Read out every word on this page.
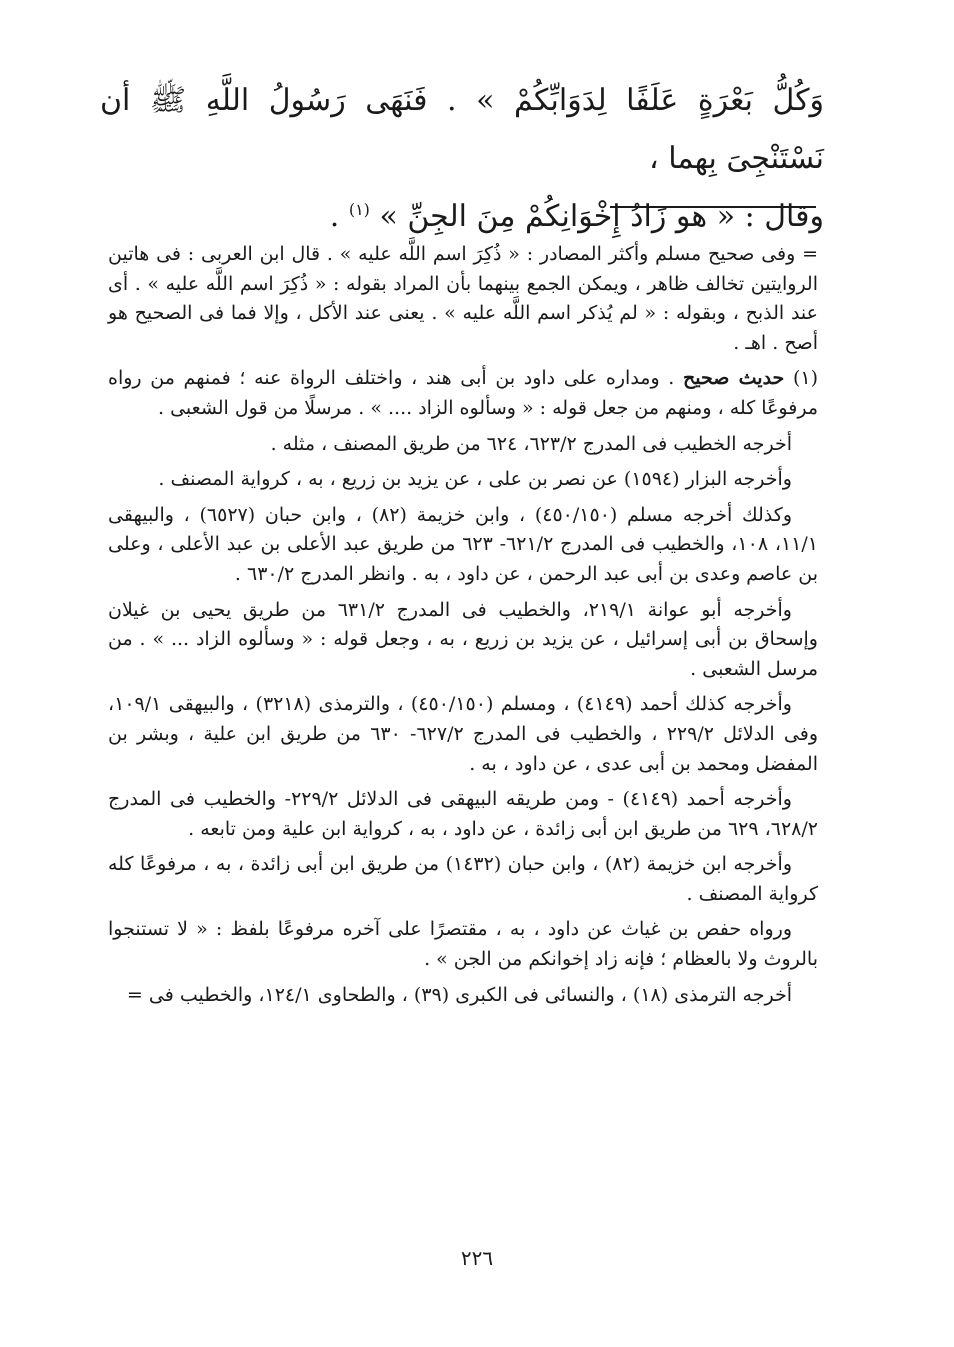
وَكُلُّ بَعْرَةٍ عَلَفًا لِدَوَابِّكُمْ » . فَنَهَى رَسُولُ اللَّهِ ﷺ أن نَسْتَنْجِىَ بِهما ،
وقال : « هو زَادُ إِخْوَانِكُمْ مِنَ الجِنِّ » $^{(١)}$ .

= وفى صحيح مسلم وأكثر المصادر : « ذُكِرَ اسم اللَّه عليه » . قال ابن العربى : فى هاتين الروايتين تخالف ظاهر ، ويمكن الجمع بينهما بأن المراد بقوله : « ذُكِرَ اسم اللَّه عليه » . أى عند الذبح ، وبقوله : « لم يُذكر اسم اللَّه عليه » . يعنى عند الأكل ، وإلا فما فى الصحيح هو أصح . اهـ .

(١) حديث صحيح . ومداره على داود بن أبى هند ، واختلف الرواة عنه ؛ فمنهم من رواه مرفوعًا كله ، ومنهم من جعل قوله : « وسألوه الزاد .... » . مرسلًا من قول الشعبى .

أخرجه الخطيب فى المدرج ٦٢٣/٢، ٦٢٤ من طريق المصنف ، مثله .

وأخرجه البزار (١٥٩٤) عن نصر بن على ، عن يزيد بن زريع ، به ، كرواية المصنف .

وكذلك أخرجه مسلم (٤٥٠/١٥٠) ، وابن خزيمة (٨٢) ، وابن حبان (٦٥٢٧) ، والبيهقى ١١/١، ١٠٨، والخطيب فى المدرج ٦٢١/٢- ٦٢٣ من طريق عبد الأعلى بن عبد الأعلى ، وعلى بن عاصم وعدى بن أبى عبد الرحمن ، عن داود ، به . وانظر المدرج ٦٣٠/٢ .

وأخرجه أبو عوانة ٢١٩/١، والخطيب فى المدرج ٦٣١/٢ من طريق يحيى بن غيلان وإسحاق بن أبى إسرائيل ، عن يزيد بن زريع ، به ، وجعل قوله : « وسألوه الزاد ... » . من مرسل الشعبى .

وأخرجه كذلك أحمد (٤١٤٩) ، ومسلم (٤٥٠/١٥٠) ، والترمذى (٣٢١٨) ، والبيهقى ١٠٩/١، وفى الدلائل ٢٢٩/٢ ، والخطيب فى المدرج ٦٢٧/٢- ٦٣٠ من طريق ابن علية ، وبشر بن المفضل ومحمد بن أبى عدى ، عن داود ، به .

وأخرجه أحمد (٤١٤٩) - ومن طريقه البيهقى فى الدلائل ٢٢٩/٢- والخطيب فى المدرج ٦٢٨/٢، ٦٢٩ من طريق ابن أبى زائدة ، عن داود ، به ، كرواية ابن علية ومن تابعه .

وأخرجه ابن خزيمة (٨٢) ، وابن حبان (١٤٣٢) من طريق ابن أبى زائدة ، به ، مرفوعًا كله كرواية المصنف .

ورواه حفص بن غياث عن داود ، به ، مقتصرًا على آخره مرفوعًا بلفظ : « لا تستنجوا بالروث ولا بالعظام ؛ فإنه زاد إخوانكم من الجن » .

أخرجه الترمذى (١٨) ، والنسائى فى الكبرى (٣٩) ، والطحاوى ١٢٤/١، والخطيب فى =

٢٢٦
